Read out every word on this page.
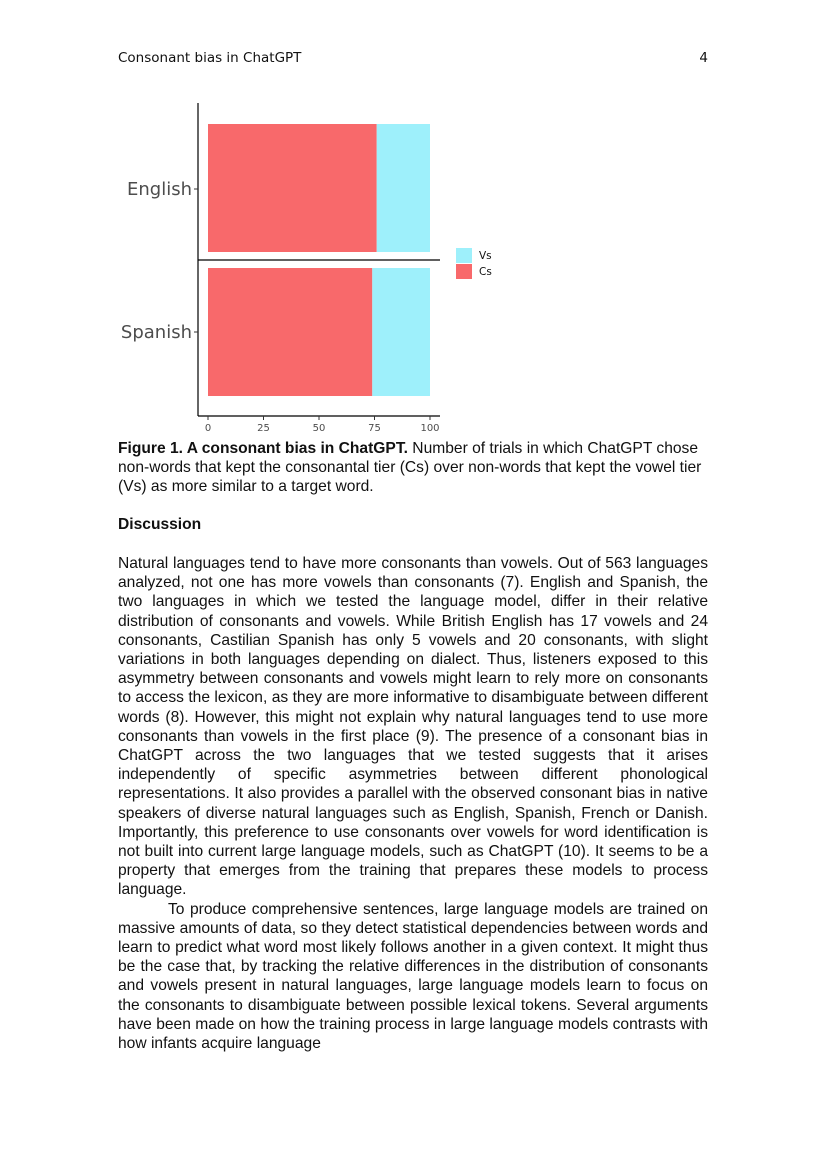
Consonant bias in ChatGPT	4
English
Spanish
0	25	50	75	100
Vs
Cs
Figure 1. A consonant bias in ChatGPT. Number of trials in which ChatGPT chose non-words that kept the consonantal tier (Cs) over non-words that kept the vowel tier (Vs) as more similar to a target word.
Discussion

Natural languages tend to have more consonants than vowels. Out of 563 languages analyzed, not one has more vowels than consonants (7). English and Spanish, the two languages in which we tested the language model, differ in their relative distribution of consonants and vowels. While British English has 17 vowels and 24 consonants, Castilian Spanish has only 5 vowels and 20 consonants, with slight variations in both languages depending on dialect. Thus, listeners exposed to this asymmetry between consonants and vowels might learn to rely more on consonants to access the lexicon, as they are more informative to disambiguate between different words (8). However, this might not explain why natural languages tend to use more consonants than vowels in the first place (9). The presence of a consonant bias in ChatGPT across the two languages that we tested suggests that it arises independently of specific asymmetries between different phonological representations. It also provides a parallel with the observed consonant bias in native speakers of diverse natural languages such as English, Spanish, French or Danish. Importantly, this preference to use consonants over vowels for word identification is not built into current large language models, such as ChatGPT (10). It seems to be a property that emerges from the training that prepares these models to process language.

To produce comprehensive sentences, large language models are trained on massive amounts of data, so they detect statistical dependencies between words and learn to predict what word most likely follows another in a given context. It might thus be the case that, by tracking the relative differences in the distribution of consonants and vowels present in natural languages, large language models learn to focus on the consonants to disambiguate between possible lexical tokens. Several arguments have been made on how the training process in large language models contrasts with how infants acquire language
